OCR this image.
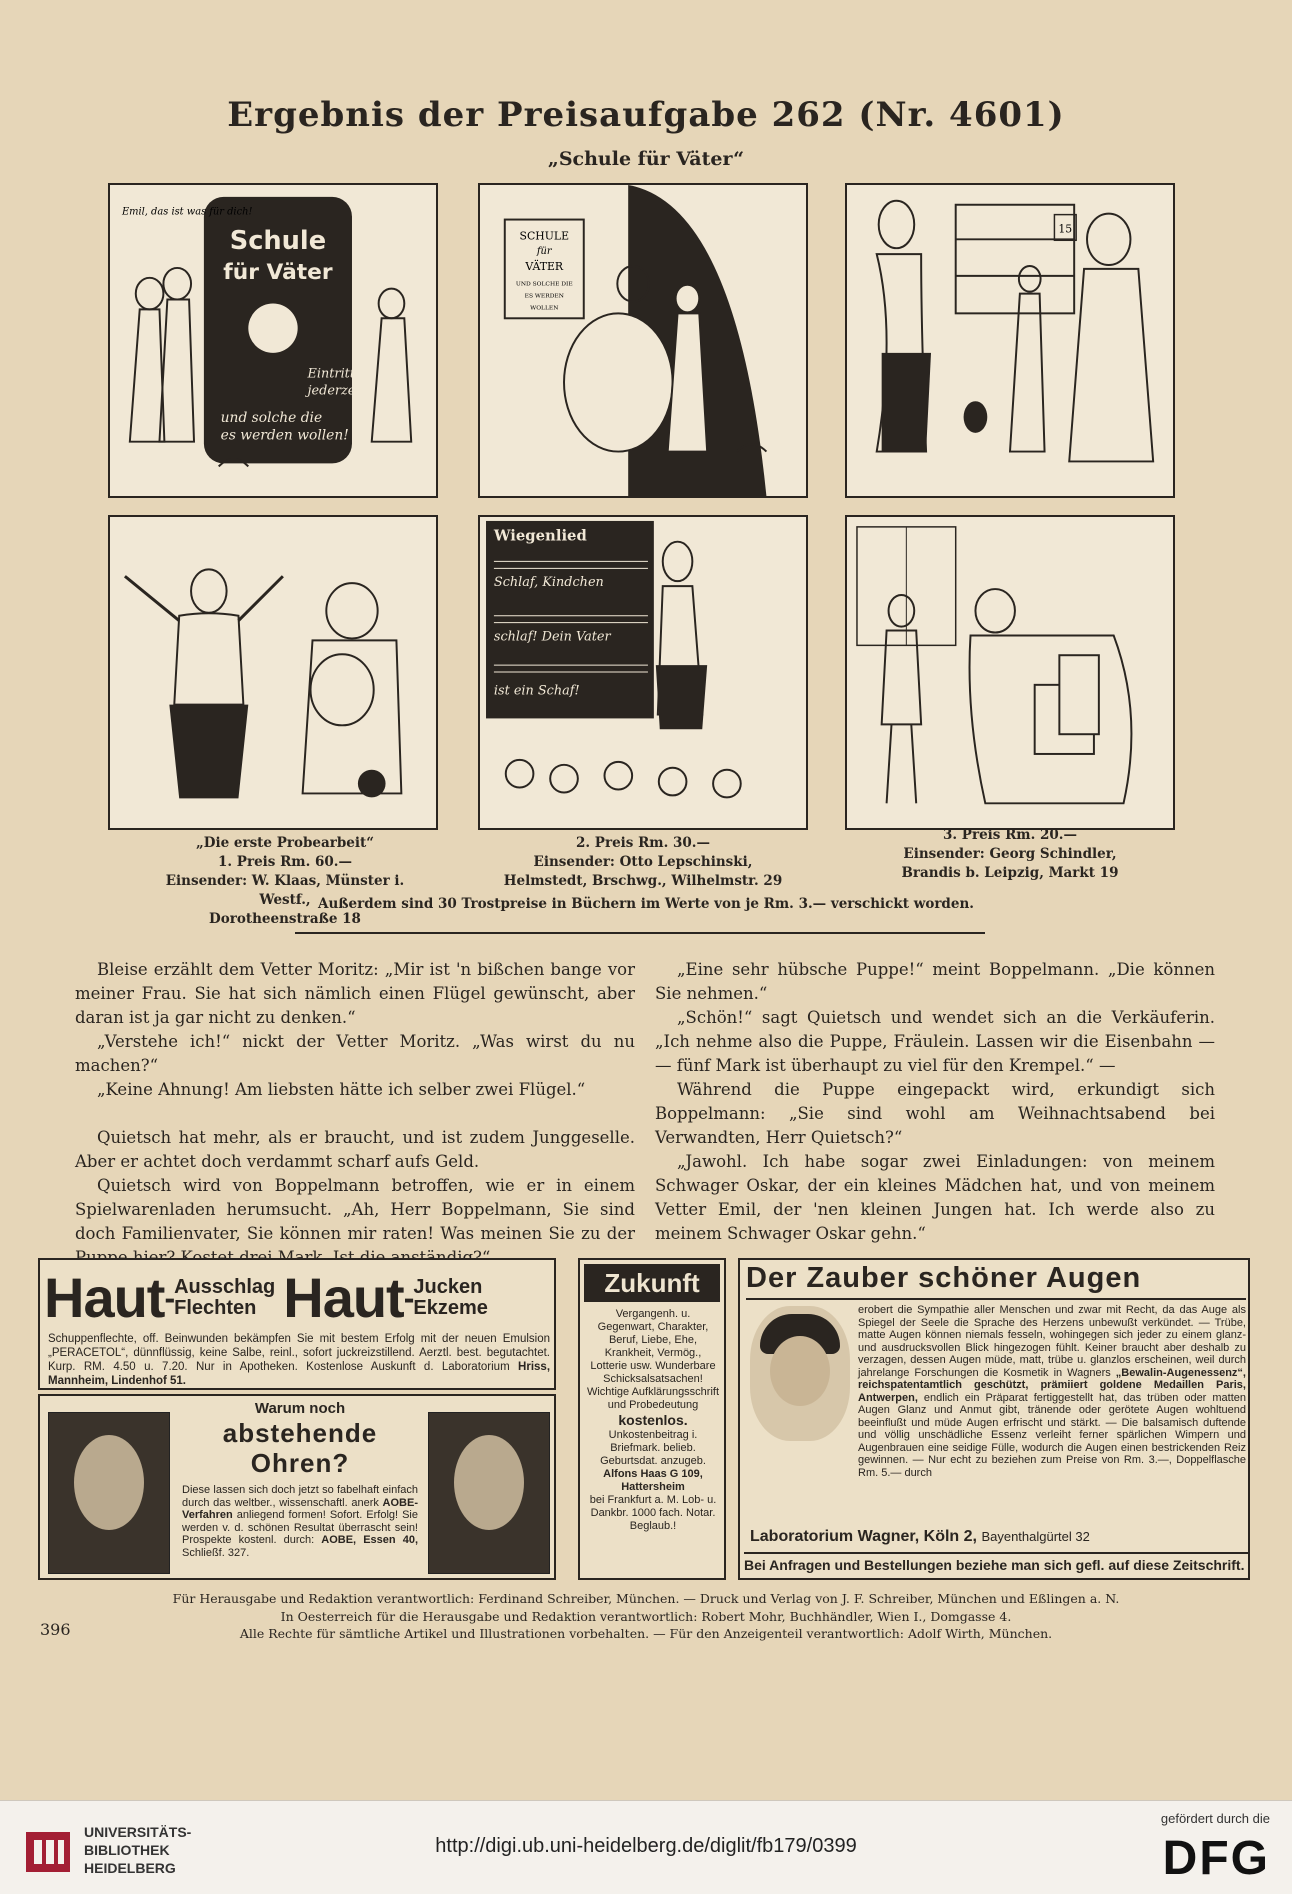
Ergebnis der Preisaufgabe 262 (Nr. 4601)
„Schule für Väter“
Schule
für Väter
Eintritt
jederzeit!
und solche die
es werden wollen!
Emil, das ist was für dich!
SCHULE
für
VÄTER
UND SOLCHE DIE
ES WERDEN
WOLLEN
15
Wiegenlied
Schlaf, Kindchen
schlaf! Dein Vater
ist ein Schaf!
„Die erste Probearbeit“
1. Preis Rm. 60.—
Einsender: W. Klaas, Münster i. Westf.,
Dorotheenstraße 18
2. Preis Rm. 30.—
Einsender: Otto Lepschinski,
Helmstedt, Brschwg., Wilhelmstr. 29
3. Preis Rm. 20.—
Einsender: Georg Schindler,
Brandis b. Leipzig, Markt 19
Außerdem sind 30 Trostpreise in Büchern im Werte von je Rm. 3.— verschickt worden.

Bleise erzählt dem Vetter Moritz: „Mir ist 'n bißchen bange vor meiner Frau. Sie hat sich nämlich einen Flügel gewünscht, aber daran ist ja gar nicht zu denken.“

„Verstehe ich!“ nickt der Vetter Moritz. „Was wirst du nu machen?“

„Keine Ahnung! Am liebsten hätte ich selber zwei Flügel.“

Quietsch hat mehr, als er braucht, und ist zudem Junggeselle. Aber er achtet doch verdammt scharf aufs Geld.

Quietsch wird von Boppelmann betroffen, wie er in einem Spielwarenladen herumsucht. „Ah, Herr Boppelmann, Sie sind doch Familienvater, Sie können mir raten! Was meinen Sie zu der

„Eine sehr hübsche Puppe!“ meint Boppelmann. „Die können Sie nehmen.“

„Schön!“ sagt Quietsch und wendet sich an die Verkäuferin. „Ich nehme also die Puppe, Fräulein. Lassen wir die Eisenbahn — — fünf Mark ist überhaupt zu viel für den Krempel.“ —

Während die Puppe eingepackt wird, erkundigt sich Boppelmann: „Sie sind wohl am Weihnachtsabend bei Verwandten, Herr Quietsch?“

„Jawohl. Ich habe sogar zwei Einladungen: von meinem Schwager Oskar, der ein kleines Mädchen hat, und von meinem Vetter Emil, der 'nen kleinen Jungen hat. Ich werde also zu meinem Schwager Oskar gehn.“

Haut - Ausschlag
Flechten Haut - Jucken
Ekzeme
Schuppenflechte, off. Beinwunden bekämpfen Sie mit bestem Erfolg mit der neuen Emulsion „PERACETOL“, dünnflüssig, keine Salbe, reinl., sofort juckreizstillend. Aerztl. best. begutachtet. Kurp. RM. 4.50 u. 7.20. Nur in Apotheken. Kostenlose Auskunft d. Laboratorium Hriss, Mannheim, Lindenhof 51.
Warum noch
abstehende
Ohren?
Diese lassen sich doch jetzt so fabelhaft einfach durch das weltber., wissenschaftl. anerk AOBE-Verfahren anliegend formen! Sofort. Erfolg! Sie werden v. d. schönen Resultat überrascht sein! Prospekte kostenl. durch: AOBE, Essen 40, Schließf. 327.
Zukunft
Vergangenh. u. Gegenwart, Charakter, Beruf, Liebe, Ehe, Krankheit, Vermög., Lotterie usw. Wunderbare Schicksalsatsachen! Wichtige Aufklärungsschrift und Probedeutung
kostenlos.
Unkostenbeitrag i. Briefmark. belieb. Geburtsdat. anzugeb.
Alfons Haas G 109,
Hattersheim
bei Frankfurt a. M. Lob- u. Dankbr. 1000 fach. Notar. Beglaub.!
Der Zauber schöner Augen
erobert die Sympathie aller Menschen und zwar mit Recht, da das Auge als Spiegel der Seele die Sprache des Herzens unbewußt verkündet. — Trübe, matte Augen können niemals fesseln, wohingegen sich jeder zu einem glanz- und ausdrucksvollen Blick hingezogen fühlt. Keiner braucht aber deshalb zu verzagen, dessen Augen müde, matt, trübe u. glanzlos erscheinen, weil durch jahrelange Forschungen die Kosmetik in Wagners „Bewalin-Augenessenz“, reichspatentamtlich geschützt, prämiiert goldene Medaillen Paris, Antwerpen, endlich ein Präparat fertiggestellt hat, das trüben oder matten Augen Glanz und Anmut gibt, tränende oder gerötete Augen wohltuend beeinflußt und müde Augen erfrischt und stärkt. — Die balsamisch duftende und völlig unschädliche Essenz verleiht ferner spärlichen Wimpern und Augenbrauen eine seidige Fülle, wodurch die Augen einen bestrickenden Reiz gewinnen. — Nur echt zu beziehen zum Preise von Rm. 3.—, Doppelflasche Rm. 5.— durch
Laboratorium Wagner, Köln 2, Bayenthalgürtel 32
Bei Anfragen und Bestellungen beziehe man sich gefl. auf diese Zeitschrift.
Für Herausgabe und Redaktion verantwortlich: Ferdinand Schreiber, München. — Druck und Verlag von J. F. Schreiber, München und Eßlingen a. N.
In Oesterreich für die Herausgabe und Redaktion verantwortlich: Robert Mohr, Buchhändler, Wien I., Domgasse 4.
Alle Rechte für sämtliche Artikel und Illustrationen vorbehalten. — Für den Anzeigenteil verantwortlich: Adolf Wirth, München.
396
UNIVERSITÄTS-
BIBLIOTHEK
HEIDELBERG
http://digi.ub.uni-heidelberg.de/diglit/fb179/0399
gefördert durch die
DFG
